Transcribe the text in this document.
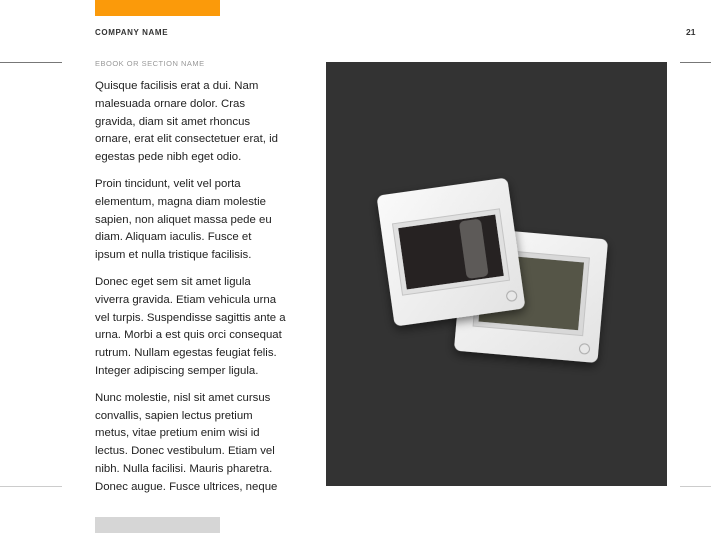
COMPANY NAME	21
EBOOK OR SECTION NAME

Quisque facilisis erat a dui. Nam
malesuada ornare dolor. Cras
gravida, diam sit amet rhoncus
ornare, erat elit consectetuer erat, id
egestas pede nibh eget odio.

Proin tincidunt, velit vel porta
elementum, magna diam molestie
sapien, non aliquet massa pede eu
diam. Aliquam iaculis. Fusce et
ipsum et nulla tristique facilisis.

Donec eget sem sit amet ligula
viverra gravida. Etiam vehicula urna
vel turpis. Suspendisse sagittis ante a
urna. Morbi a est quis orci consequat
rutrum. Nullam egestas feugiat felis.
Integer adipiscing semper ligula.

Nunc molestie, nisl sit amet cursus
convallis, sapien lectus pretium
metus, vitae pretium enim wisi id
lectus. Donec vestibulum. Etiam vel
nibh. Nulla facilisi. Mauris pharetra.
Donec augue. Fusce ultrices, neque
